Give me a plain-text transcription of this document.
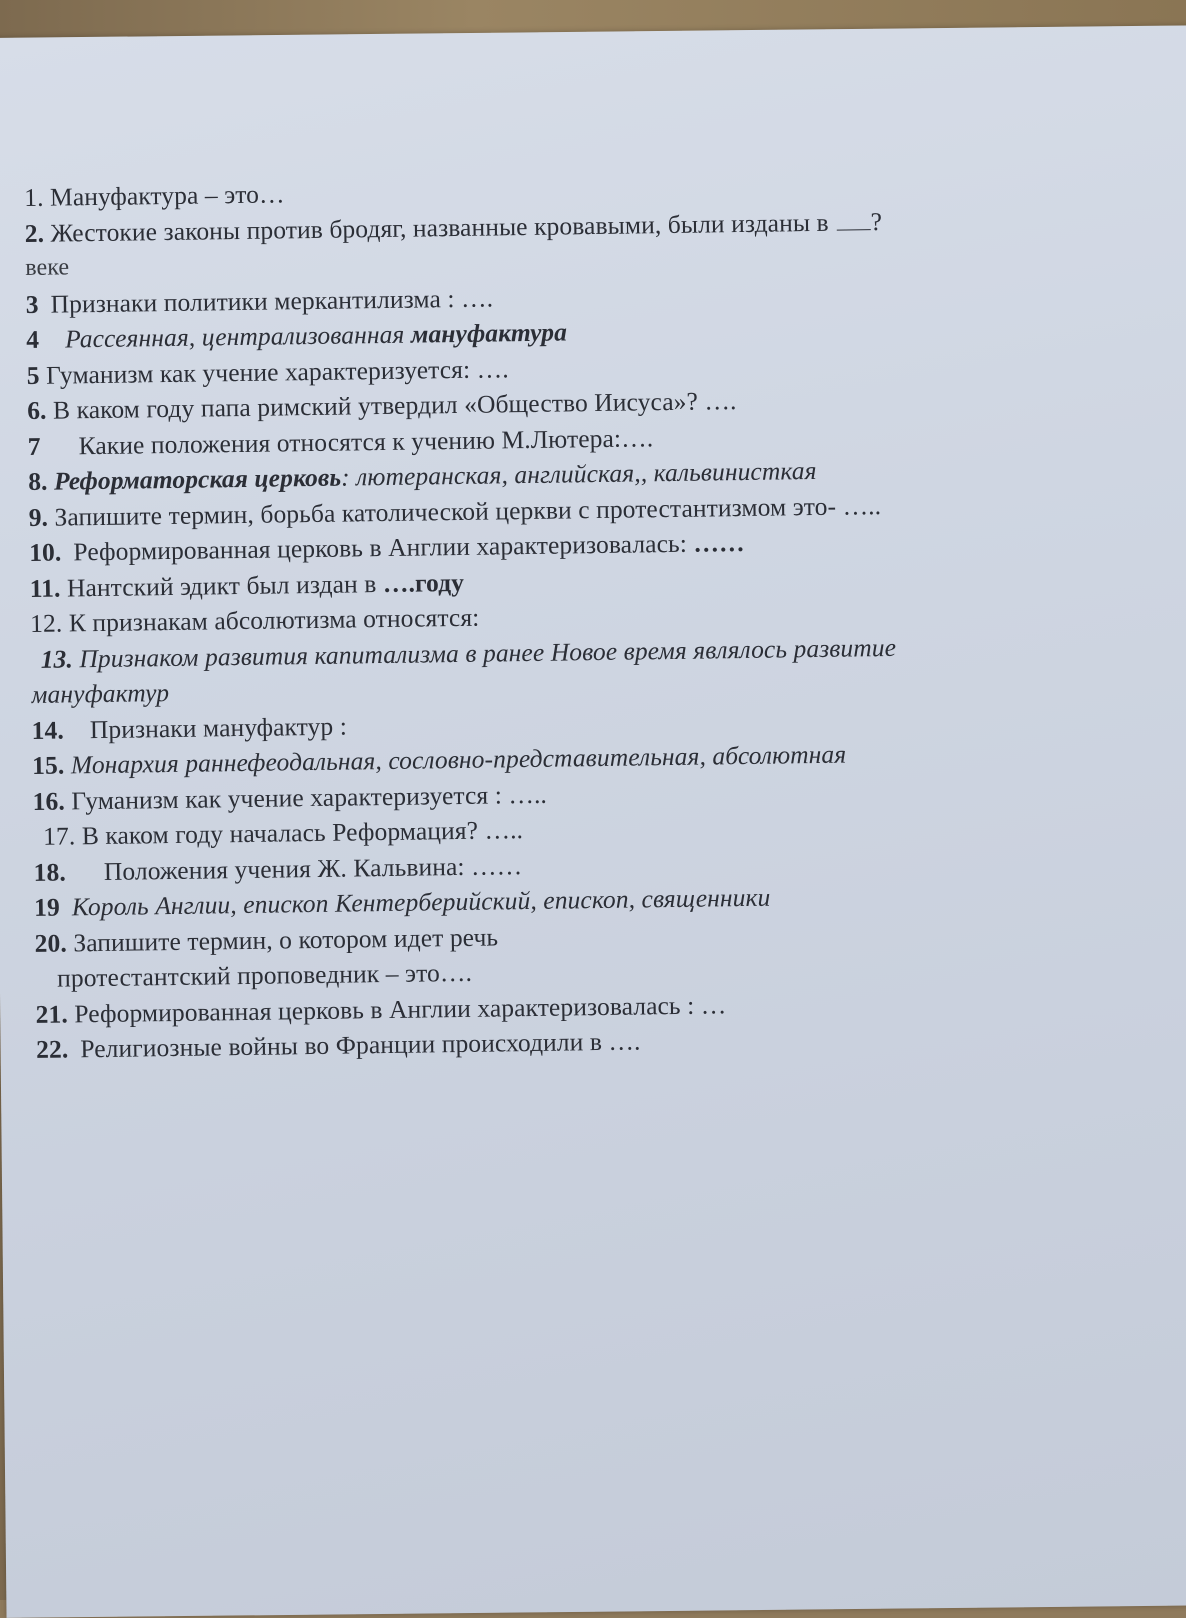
1. Мануфактура – это…
2. Жестокие законы против бродяг, названные кровавыми, были изданы в ?
веке
3 Признаки политики меркантилизма : ….
4 Рассеянная, централизованная мануфактура
5 Гуманизм как учение характеризуется: ….
6. В каком году папа римский утвердил «Общество Иисуса»? ….
7 Какие положения относятся к учению М.Лютера:….
8. Реформаторская церковь: лютеранская, английская,, кальвинисткая
9. Запишите термин, борьба католической церкви с протестантизмом это- …..
10. Реформированная церковь в Англии характеризовалась: ……
11. Нантский эдикт был издан в ….году
12. К признакам абсолютизма относятся:
13. Признаком развития капитализма в ранее Новое время являлось развитие
мануфактур
14. Признаки мануфактур :
15. Монархия раннефеодальная, сословно-представительная, абсолютная
16. Гуманизм как учение характеризуется : …..
17. В каком году началась Реформация? …..
18. Положения учения Ж. Кальвина: ……
19 Король Англии, епископ Кентерберийский, епископ, священники
20. Запишите термин, о котором идет речь
протестантский проповедник – это….
21. Реформированная церковь в Англии характеризовалась : …
22. Религиозные войны во Франции происходили в ….
